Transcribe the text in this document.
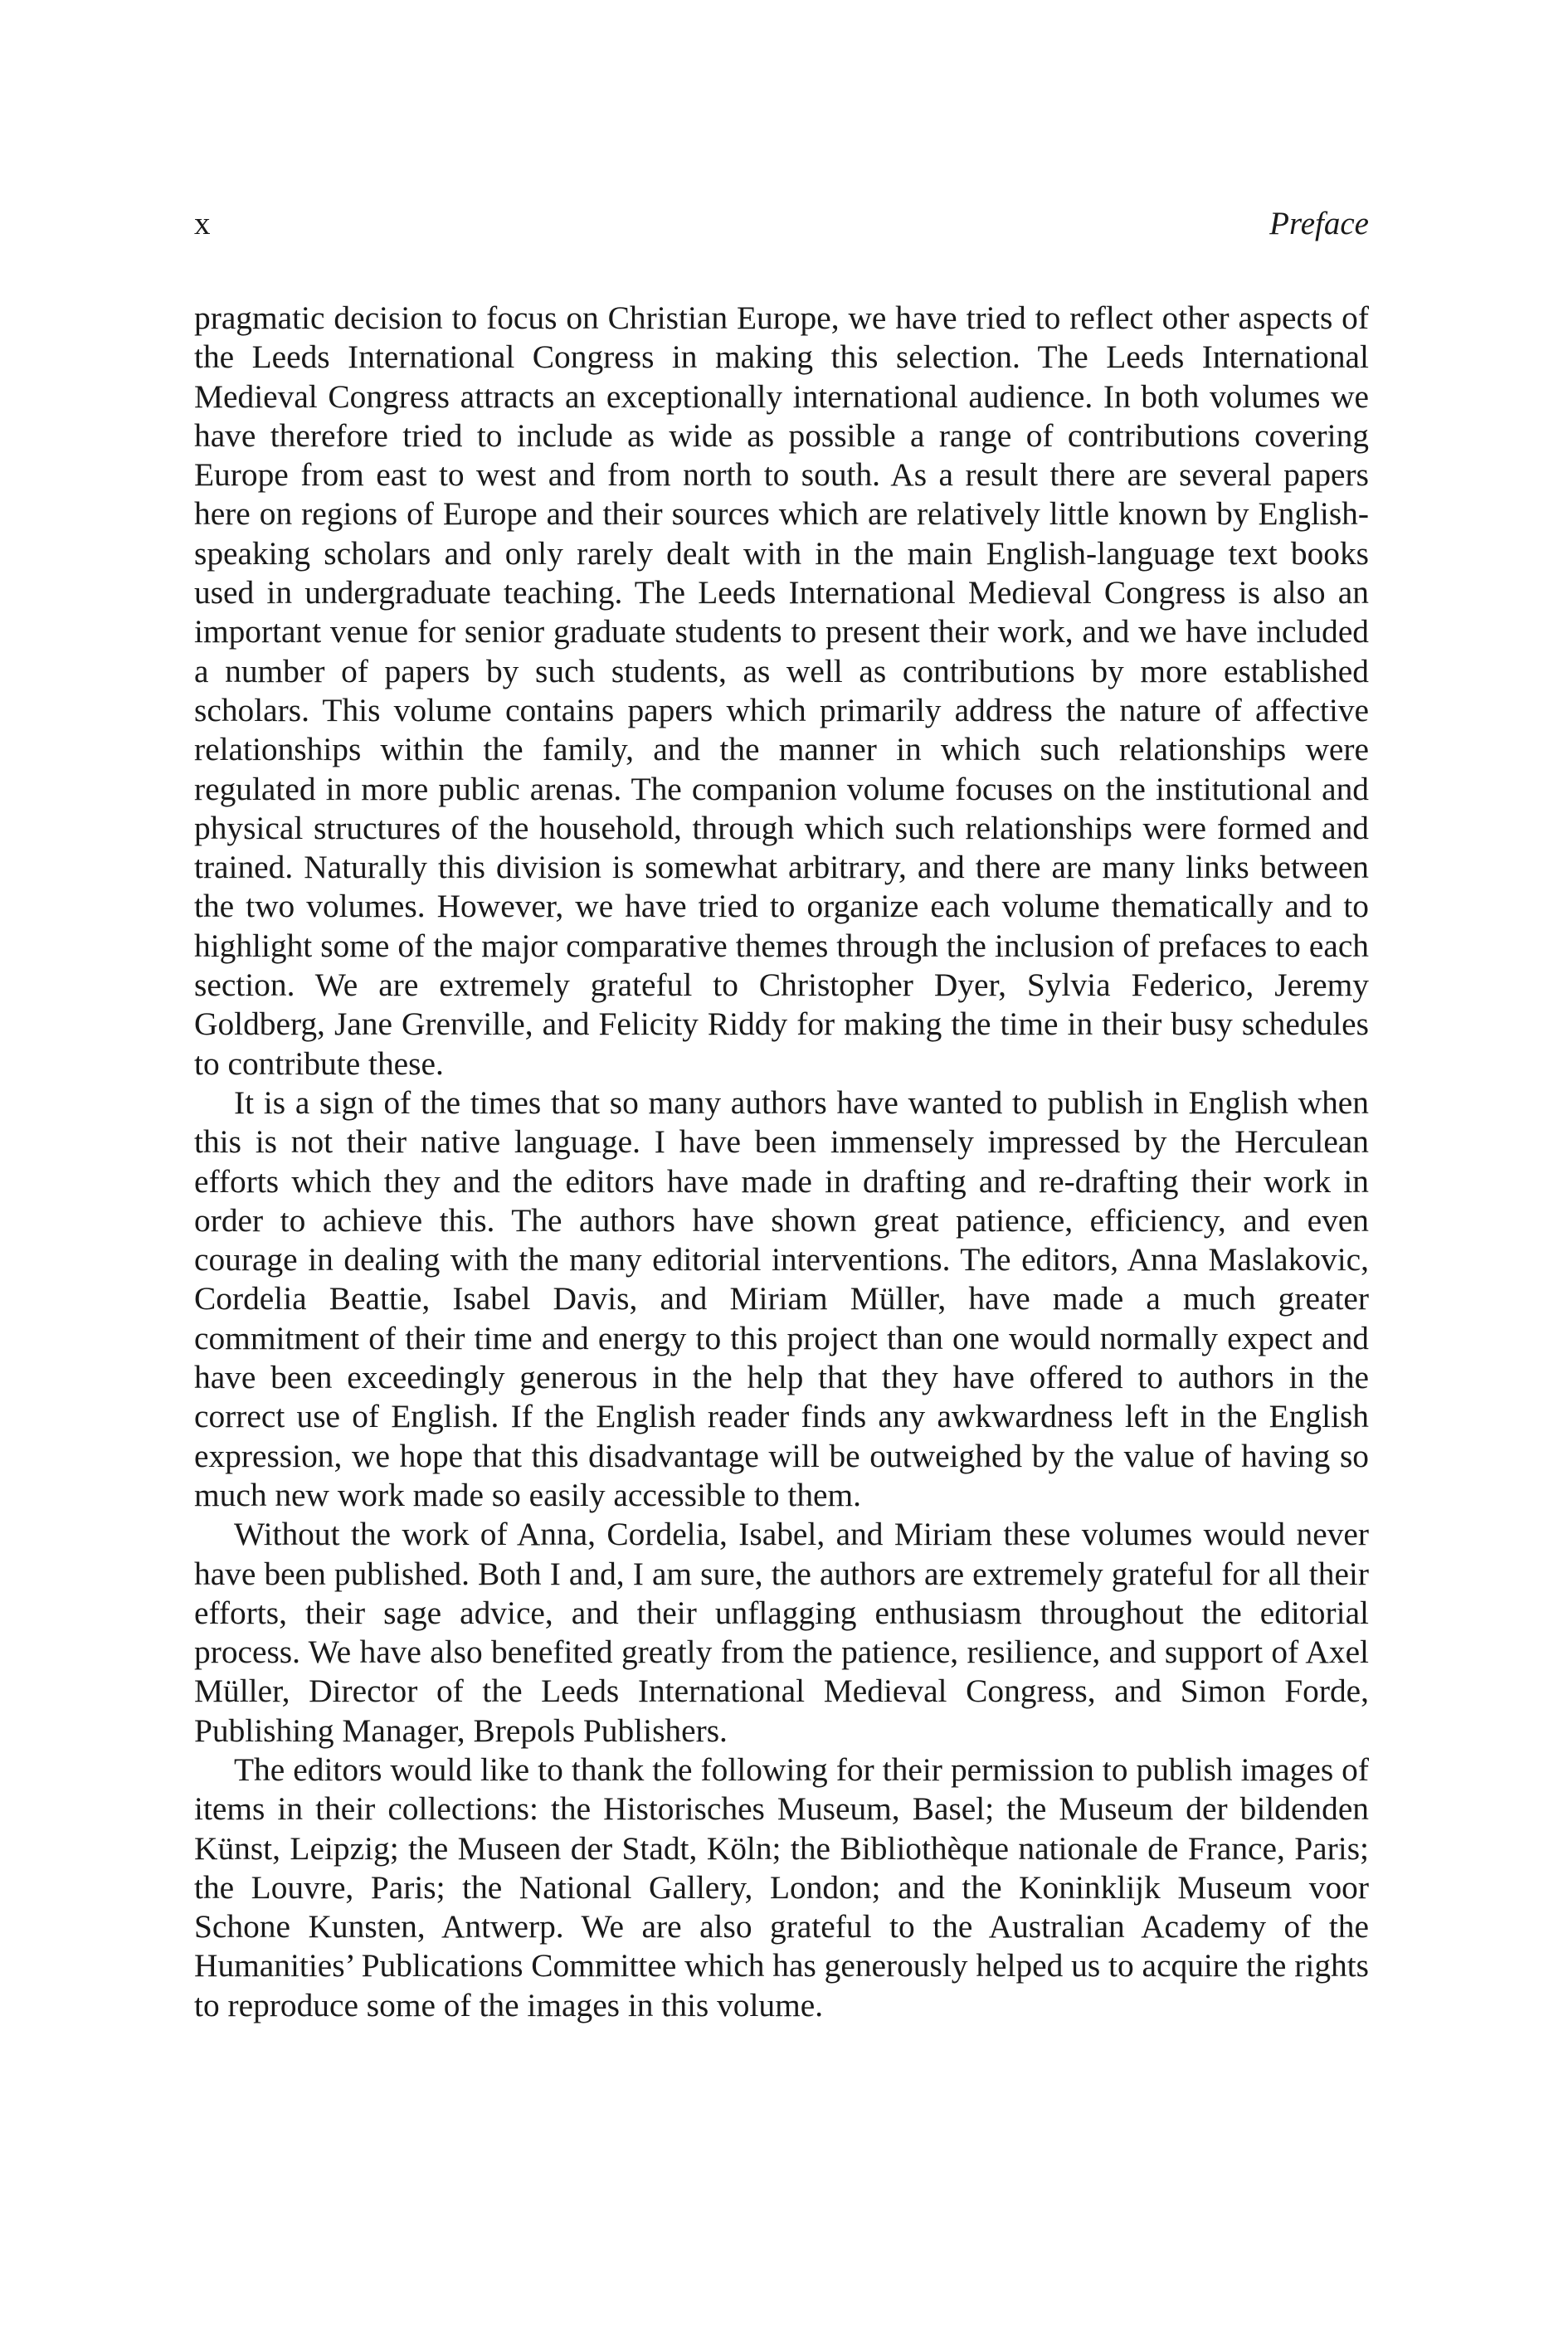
x	Preface

pragmatic decision to focus on Christian Europe, we have tried to reflect other aspects of the Leeds International Congress in making this selection. The Leeds International Medieval Congress attracts an exceptionally international audience. In both volumes we have therefore tried to include as wide as possible a range of contributions covering Europe from east to west and from north to south. As a result there are several papers here on regions of Europe and their sources which are relatively little known by English-speaking scholars and only rarely dealt with in the main English-language text books used in undergraduate teaching. The Leeds International Medieval Congress is also an important venue for senior graduate students to present their work, and we have included a number of papers by such students, as well as contributions by more established scholars. This volume contains papers which primarily address the nature of affective relationships within the family, and the manner in which such relationships were regulated in more public arenas. The companion volume focuses on the institutional and physical structures of the household, through which such relationships were formed and trained. Naturally this division is somewhat arbitrary, and there are many links between the two volumes. However, we have tried to organize each volume thematically and to highlight some of the major comparative themes through the inclusion of prefaces to each section. We are extremely grateful to Christopher Dyer, Sylvia Federico, Jeremy Goldberg, Jane Grenville, and Felicity Riddy for making the time in their busy schedules to contribute these.

It is a sign of the times that so many authors have wanted to publish in English when this is not their native language. I have been immensely impressed by the Herculean efforts which they and the editors have made in drafting and re-drafting their work in order to achieve this. The authors have shown great patience, efficiency, and even courage in dealing with the many editorial interventions. The editors, Anna Maslakovic, Cordelia Beattie, Isabel Davis, and Miriam Müller, have made a much greater commitment of their time and energy to this project than one would normally expect and have been exceedingly generous in the help that they have offered to authors in the correct use of English. If the English reader finds any awkwardness left in the English expression, we hope that this disadvantage will be outweighed by the value of having so much new work made so easily accessible to them.

Without the work of Anna, Cordelia, Isabel, and Miriam these volumes would never have been published. Both I and, I am sure, the authors are extremely grateful for all their efforts, their sage advice, and their unflagging enthusiasm throughout the editorial process. We have also benefited greatly from the patience, resilience, and support of Axel Müller, Director of the Leeds International Medieval Congress, and Simon Forde, Publishing Manager, Brepols Publishers.

The editors would like to thank the following for their permission to publish images of items in their collections: the Historisches Museum, Basel; the Museum der bildenden Künst, Leipzig; the Museen der Stadt, Köln; the Bibliothèque nationale de France, Paris; the Louvre, Paris; the National Gallery, London; and the Koninklijk Museum voor Schone Kunsten, Antwerp. We are also grateful to the Australian Academy of the Humanities’ Publications Committee which has generously helped us to acquire the rights to reproduce some of the images in this volume.
